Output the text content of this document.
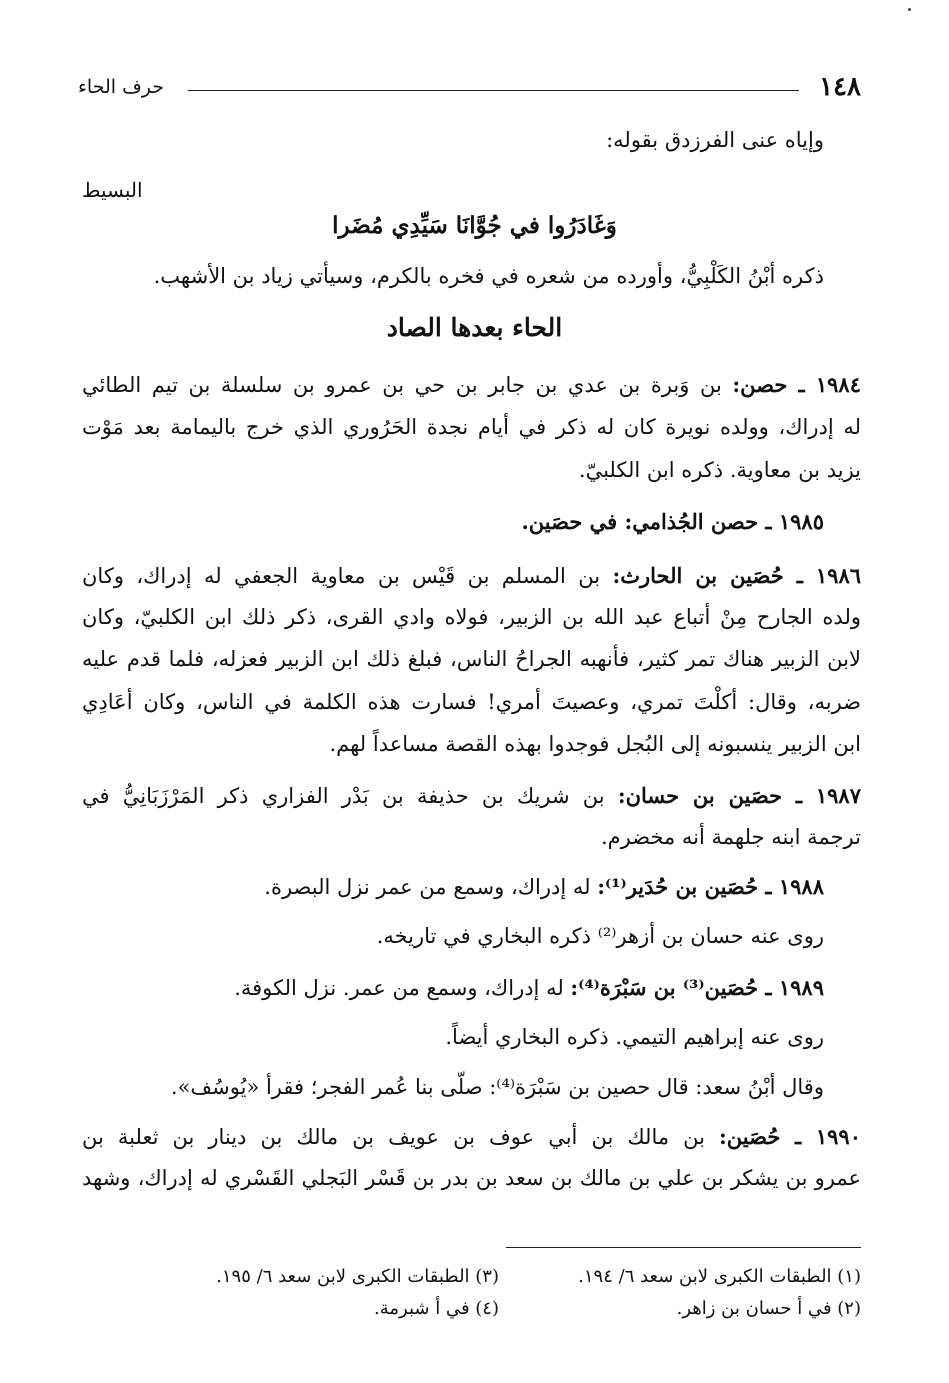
١٤٨
حرف الحاء
وإياه عنى الفرزدق بقوله:
البسيط
وَغَادَرُوا في جُوَّانَا سَيِّدِي مُضَرا
ذكره أبْنُ الكَلْبِيُّ، وأورده من شعره في فخره بالكرم، وسيأتي زياد بن الأشهب.
الحاء بعدها الصاد
١٩٨٤ ـ حصن: بن وَبرة بن عدي بن جابر بن حي بن عمرو بن سلسلة بن تيم الطائي
له إدراك، وولده نويرة كان له ذكر في أيام نجدة الحَرُوري الذي خرج باليمامة بعد مَوْت
يزيد بن معاوية. ذكره ابن الكلبيّ.
١٩٨٥ ـ حصن الجُذامي: في حصَين.
١٩٨٦ ـ حُصَين بن الحارث: بن المسلم بن قَيْس بن معاوية الجعفي له إدراك، وكان
ولده الجارح مِنْ أتباع عبد الله بن الزبير، فولاه وادي القرى، ذكر ذلك ابن الكلبيّ، وكان
لابن الزبير هناك تمر كثير، فأنهبه الجراحُ الناس، فبلغ ذلك ابن الزبير فعزله، فلما قدم عليه
ضربه، وقال: أكلْتَ تمري، وعصيتَ أمري! فسارت هذه الكلمة في الناس، وكان أعَادِي
ابن الزبير ينسبونه إلى البُجل فوجدوا بهذه القصة مساعداً لهم.
١٩٨٧ ـ حصَين بن حسان: بن شريك بن حذيفة بن بَدْر الفزاري ذكر المَرْزَبَانِيُّ في
ترجمة ابنه جلهمة أنه مخضرم.
١٩٨٨ ـ حُصَين بن حُدَير⁽¹⁾: له إدراك، وسمع من عمر نزل البصرة.
روى عنه حسان بن أزهر⁽²⁾ ذكره البخاري في تاريخه.
١٩٨٩ ـ حُصَين⁽³⁾ بن سَبْرَة⁽⁴⁾: له إدراك، وسمع من عمر. نزل الكوفة.
روى عنه إبراهيم التيمي. ذكره البخاري أيضاً.
وقال أبْنُ سعد: قال حصين بن سَبْرَة⁽⁴⁾: صلّى بنا عُمر الفجر؛ فقرأ «يُوسُف».
١٩٩٠ ـ حُصَين: بن مالك بن أبي عوف بن عويف بن مالك بن دينار بن ثعلبة بن
عمرو بن يشكر بن علي بن مالك بن سعد بن بدر بن قَسْر البَجلي القَسْري له إدراك، وشهد
(١) الطبقات الكبرى لابن سعد ٦/ ١٩٤.
(٢) في أ حسان بن زاهر.
(٣) الطبقات الكبرى لابن سعد ٦/ ١٩٥.
(٤) في أ شبرمة.
